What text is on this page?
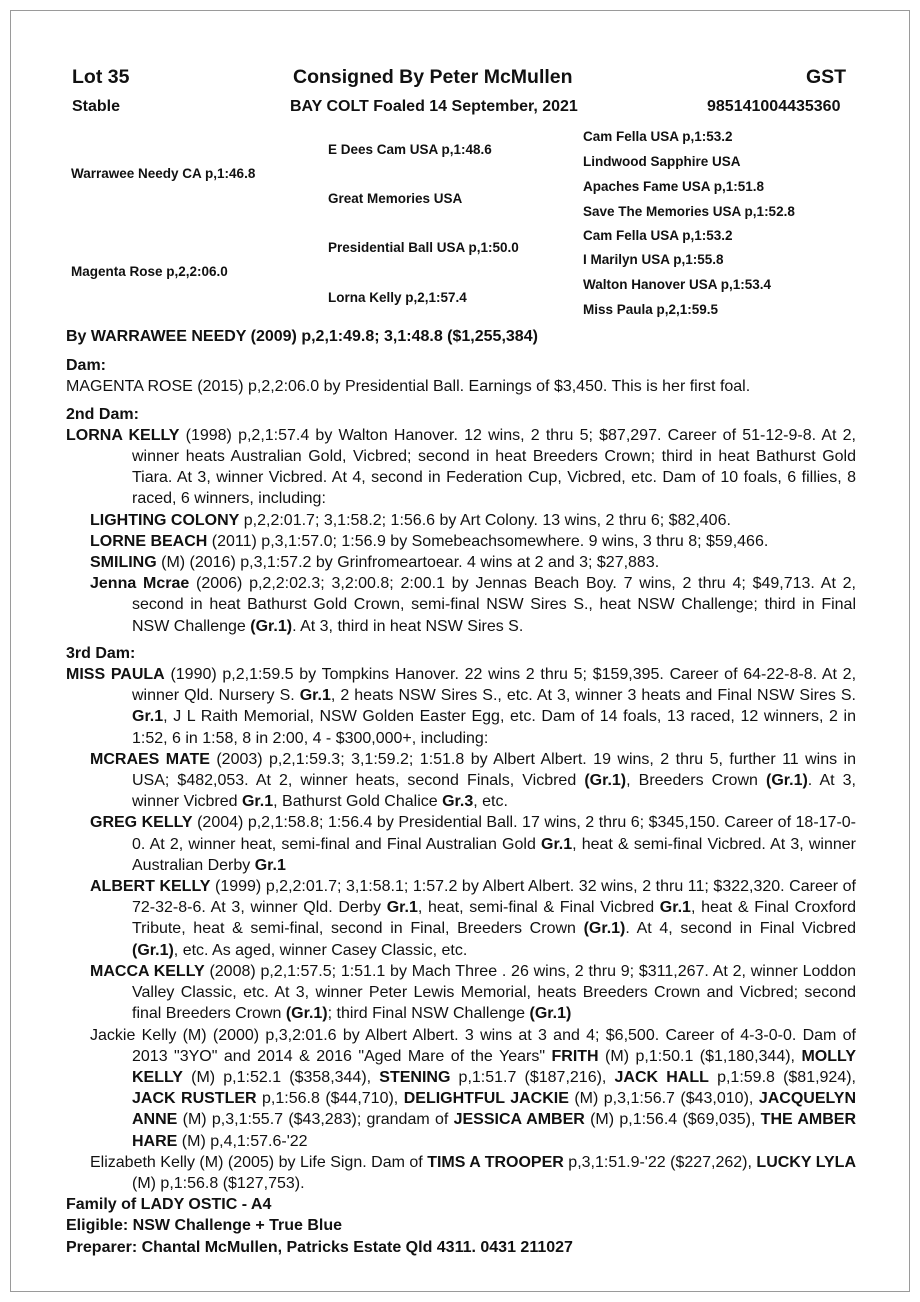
Lot 35	Consigned By Peter McMullen	GST
Stable	BAY COLT Foaled 14 September, 2021	985141004435360
Warrawee Needy CA p,1:46.8
Magenta Rose p,2,2:06.0
E Dees Cam USA p,1:48.6
Great Memories USA
Presidential Ball USA p,1:50.0
Lorna Kelly p,2,1:57.4
Cam Fella USA p,1:53.2
Lindwood Sapphire USA
Apaches Fame USA p,1:51.8
Save The Memories USA p,1:52.8
Cam Fella USA p,1:53.2
I Marilyn USA p,1:55.8
Walton Hanover USA p,1:53.4
Miss Paula p,2,1:59.5

By WARRAWEE NEEDY (2009) p,2,1:49.8; 3,1:48.8 ($1,255,384)

Dam:

MAGENTA ROSE (2015) p,2,2:06.0 by Presidential Ball. Earnings of $3,450. This is her first foal.

2nd Dam:

LORNA KELLY (1998) p,2,1:57.4 by Walton Hanover. 12 wins, 2 thru 5; $87,297. Career of 51-12-9-8. At 2, winner heats Australian Gold, Vicbred; second in heat Breeders Crown; third in heat Bathurst Gold Tiara. At 3, winner Vicbred. At 4, second in Federation Cup, Vicbred, etc. Dam of 10 foals, 6 fillies, 8 raced, 6 winners, including:

LIGHTING COLONY p,2,2:01.7; 3,1:58.2; 1:56.6 by Art Colony. 13 wins, 2 thru 6; $82,406.

LORNE BEACH (2011) p,3,1:57.0; 1:56.9 by Somebeachsomewhere. 9 wins, 3 thru 8; $59,466.

SMILING (M) (2016) p,3,1:57.2 by Grinfromeartoear. 4 wins at 2 and 3; $27,883.

Jenna Mcrae (2006) p,2,2:02.3; 3,2:00.8; 2:00.1 by Jennas Beach Boy. 7 wins, 2 thru 4; $49,713. At 2, second in heat Bathurst Gold Crown, semi-final NSW Sires S., heat NSW Challenge; third in Final NSW Challenge (Gr.1). At 3, third in heat NSW Sires S.

3rd Dam:

MISS PAULA (1990) p,2,1:59.5 by Tompkins Hanover. 22 wins 2 thru 5; $159,395. Career of 64-22-8-8. At 2, winner Qld. Nursery S. Gr.1, 2 heats NSW Sires S., etc. At 3, winner 3 heats and Final NSW Sires S. Gr.1, J L Raith Memorial, NSW Golden Easter Egg, etc. Dam of 14 foals, 13 raced, 12 winners, 2 in 1:52, 6 in 1:58, 8 in 2:00, 4 - $300,000+, including:

MCRAES MATE (2003) p,2,1:59.3; 3,1:59.2; 1:51.8 by Albert Albert. 19 wins, 2 thru 5, further 11 wins in USA; $482,053. At 2, winner heats, second Finals, Vicbred (Gr.1), Breeders Crown (Gr.1). At 3, winner Vicbred Gr.1, Bathurst Gold Chalice Gr.3, etc.

GREG KELLY (2004) p,2,1:58.8; 1:56.4 by Presidential Ball. 17 wins, 2 thru 6; $345,150. Career of 18-17-0-0. At 2, winner heat, semi-final and Final Australian Gold Gr.1, heat & semi-final Vicbred. At 3, winner Australian Derby Gr.1

ALBERT KELLY (1999) p,2,2:01.7; 3,1:58.1; 1:57.2 by Albert Albert. 32 wins, 2 thru 11; $322,320. Career of 72-32-8-6. At 3, winner Qld. Derby Gr.1, heat, semi-final & Final Vicbred Gr.1, heat & Final Croxford Tribute, heat & semi-final, second in Final, Breeders Crown (Gr.1). At 4, second in Final Vicbred (Gr.1), etc. As aged, winner Casey Classic, etc.

MACCA KELLY (2008) p,2,1:57.5; 1:51.1 by Mach Three . 26 wins, 2 thru 9; $311,267. At 2, winner Loddon Valley Classic, etc. At 3, winner Peter Lewis Memorial, heats Breeders Crown and Vicbred; second final Breeders Crown (Gr.1); third Final NSW Challenge (Gr.1)

Jackie Kelly (M) (2000) p,3,2:01.6 by Albert Albert. 3 wins at 3 and 4; $6,500. Career of 4-3-0-0. Dam of 2013 "3YO" and 2014 & 2016 "Aged Mare of the Years" FRITH (M) p,1:50.1 ($1,180,344), MOLLY KELLY (M) p,1:52.1 ($358,344), STENING p,1:51.7 ($187,216), JACK HALL p,1:59.8 ($81,924), JACK RUSTLER p,1:56.8 ($44,710), DELIGHTFUL JACKIE (M) p,3,1:56.7 ($43,010), JACQUELYN ANNE (M) p,3,1:55.7 ($43,283); grandam of JESSICA AMBER (M) p,1:56.4 ($69,035), THE AMBER HARE (M) p,4,1:57.6-'22

Elizabeth Kelly (M) (2005) by Life Sign. Dam of TIMS A TROOPER p,3,1:51.9-'22 ($227,262), LUCKY LYLA (M) p,1:56.8 ($127,753).

Family of LADY OSTIC - A4

Eligible: NSW Challenge + True Blue

Preparer: Chantal McMullen, Patricks Estate Qld 4311. 0431 211027
